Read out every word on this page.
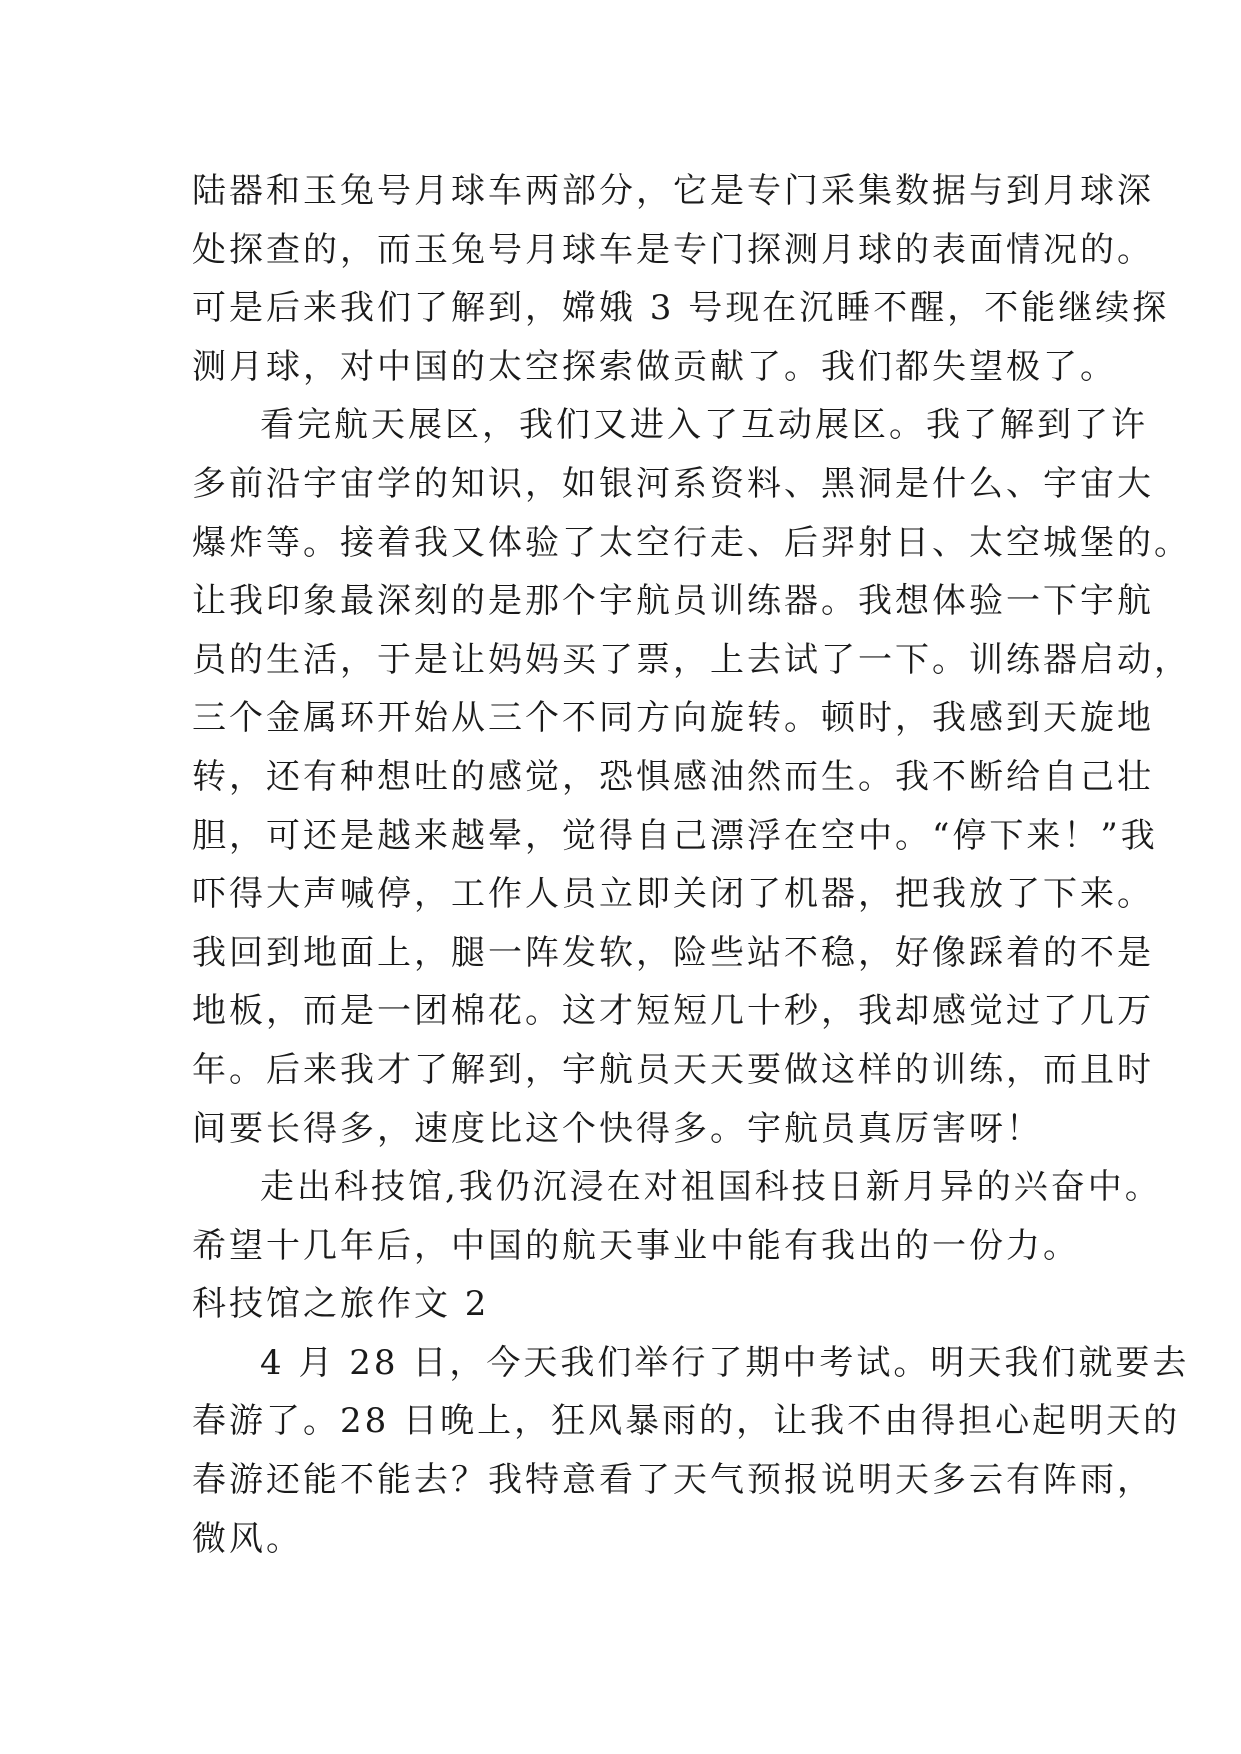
陆器和玉兔号月球车两部分，它是专门采集数据与到月球深
处探查的，而玉兔号月球车是专门探测月球的表面情况的。
可是后来我们了解到，嫦娥 3 号现在沉睡不醒，不能继续探
测月球，对中国的太空探索做贡献了。我们都失望极了。
看完航天展区，我们又进入了互动展区。我了解到了许
多前沿宇宙学的知识，如银河系资料、黑洞是什么、宇宙大
爆炸等。接着我又体验了太空行走、后羿射日、太空城堡的。
让我印象最深刻的是那个宇航员训练器。我想体验一下宇航
员的生活，于是让妈妈买了票，上去试了一下。训练器启动，
三个金属环开始从三个不同方向旋转。顿时，我感到天旋地
转，还有种想吐的感觉，恐惧感油然而生。我不断给自己壮
胆，可还是越来越晕，觉得自己漂浮在空中。“停下来！”我
吓得大声喊停，工作人员立即关闭了机器，把我放了下来。
我回到地面上，腿一阵发软，险些站不稳，好像踩着的不是
地板，而是一团棉花。这才短短几十秒，我却感觉过了几万
年。后来我才了解到，宇航员天天要做这样的训练，而且时
间要长得多，速度比这个快得多。宇航员真厉害呀！
走出科技馆,我仍沉浸在对祖国科技日新月异的兴奋中。
希望十几年后，中国的航天事业中能有我出的一份力。
科技馆之旅作文 2
4 月 28 日，今天我们举行了期中考试。明天我们就要去
春游了。28 日晚上，狂风暴雨的，让我不由得担心起明天的
春游还能不能去？我特意看了天气预报说明天多云有阵雨，
微风。
